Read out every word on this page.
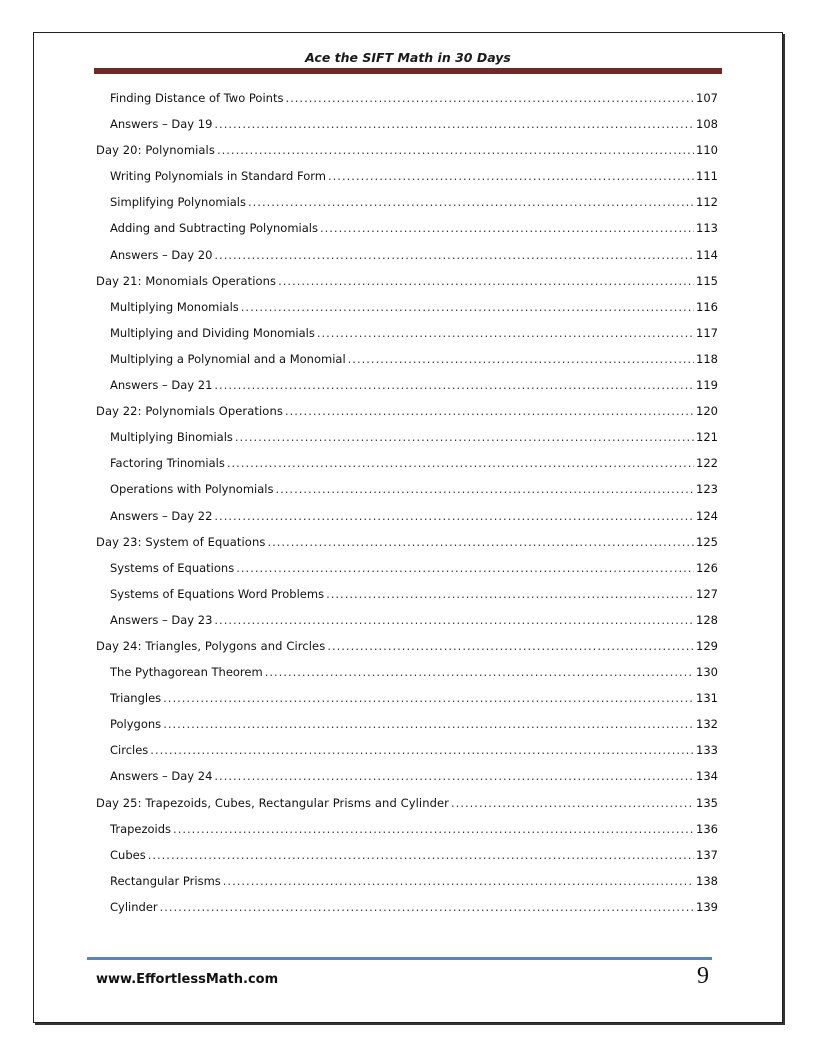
Ace the SIFT Math in 30 Days
Finding Distance of Two Points .....	107
Answers – Day 19 .....	108
Day 20: Polynomials .....	110
Writing Polynomials in Standard Form .....	111
Simplifying Polynomials .....	112
Adding and Subtracting Polynomials .....	113
Answers – Day 20 .....	114
Day 21: Monomials Operations .....	115
Multiplying Monomials .....	116
Multiplying and Dividing Monomials .....	117
Multiplying a Polynomial and a Monomial .....	118
Answers – Day 21 .....	119
Day 22: Polynomials Operations .....	120
Multiplying Binomials .....	121
Factoring Trinomials .....	122
Operations with Polynomials .....	123
Answers – Day 22 .....	124
Day 23: System of Equations .....	125
Systems of Equations .....	126
Systems of Equations Word Problems .....	127
Answers – Day 23 .....	128
Day 24: Triangles, Polygons and Circles .....	129
The Pythagorean Theorem .....	130
Triangles .....	131
Polygons .....	132
Circles .....	133
Answers – Day 24 .....	134
Day 25: Trapezoids, Cubes, Rectangular Prisms and Cylinder .....	135
Trapezoids .....	136
Cubes .....	137
Rectangular Prisms .....	138
Cylinder .....	139
www.EffortlessMath.com	9
